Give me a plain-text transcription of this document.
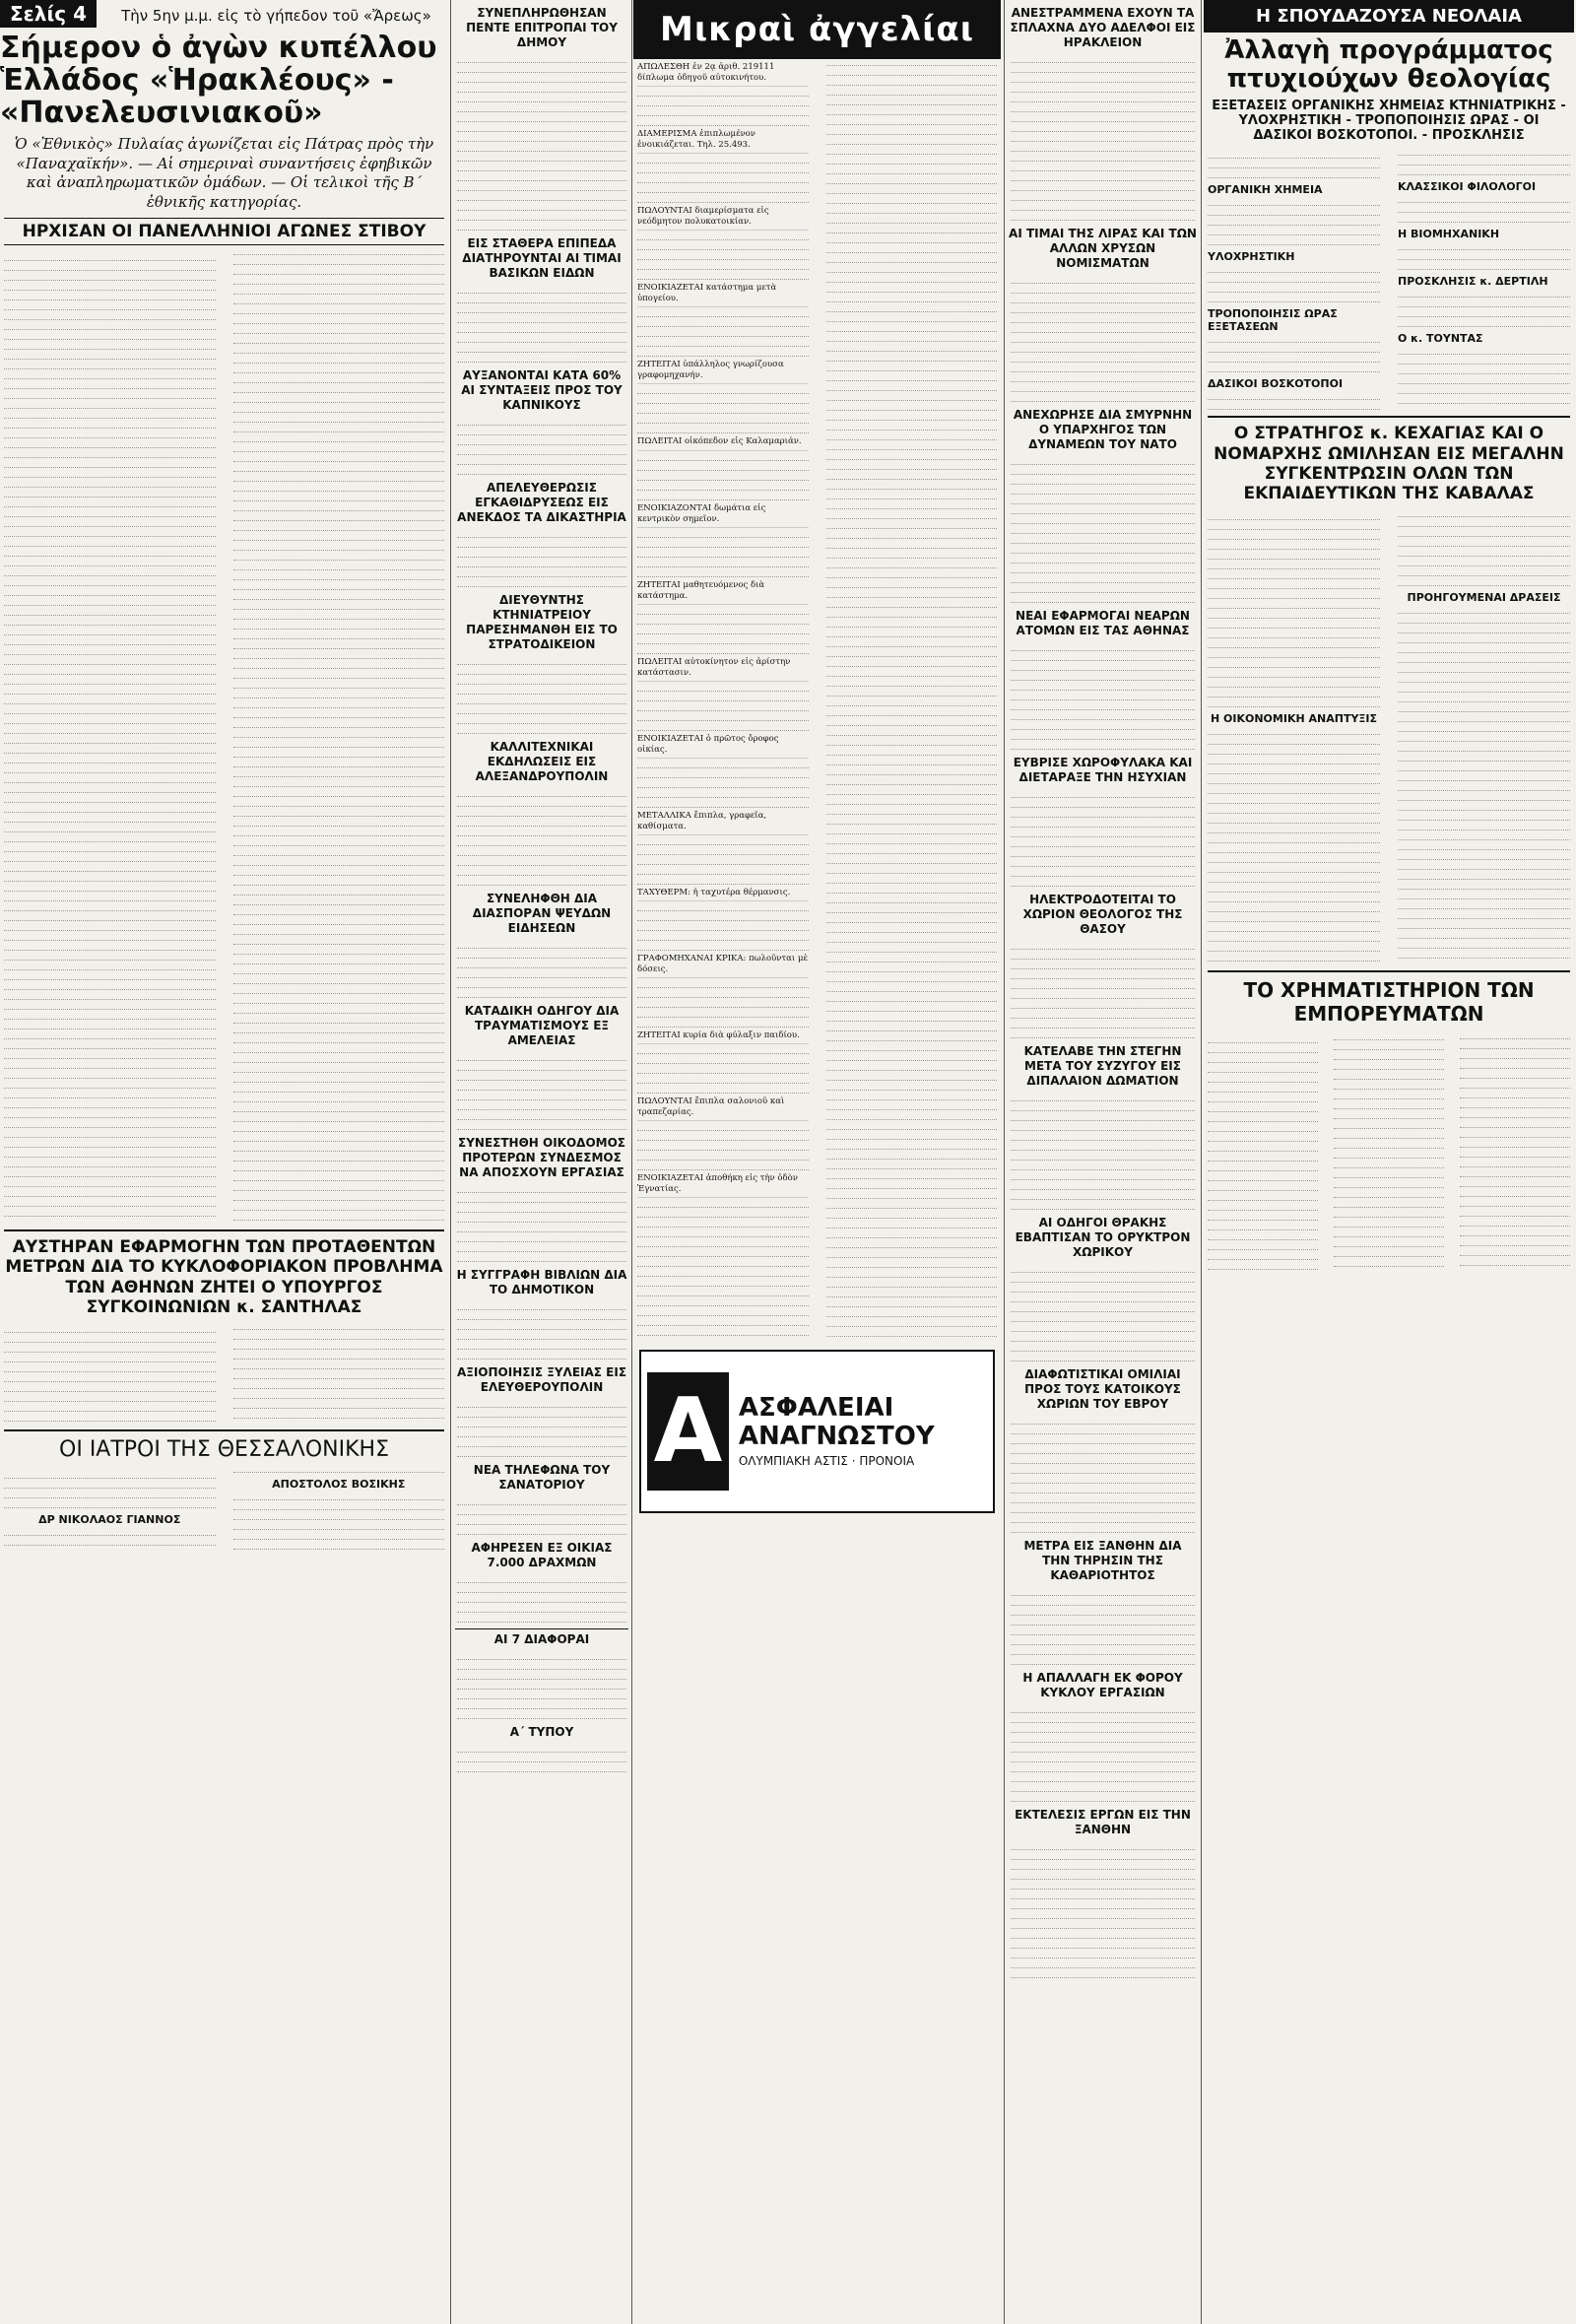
Σελίς 4 Τὴν 5ην μ.μ. εἰς τὸ γήπεδον τοῦ «Ἄρεως»
Σήμερον ὁ ἀγὼν κυπέλλου Ἑλλάδος «Ἡρακλέους» - «Πανελευσινιακοῦ»
Ὁ «Ἐθνικὸς» Πυλαίας ἀγωνίζεται εἰς Πάτρας πρὸς τὴν «Παναχαϊκήν». — Αἱ σημεριναὶ συναντήσεις ἐφηβικῶν καὶ ἀναπληρωματικῶν ὁμάδων. — Οἱ τελικοὶ τῆς Β΄ ἐθνικῆς κατηγορίας.
ΗΡΧΙΣΑΝ ΟΙ ΠΑΝΕΛΛΗΝΙΟΙ ΑΓΩΝΕΣ ΣΤΙΒΟΥ
ΑΥΣΤΗΡΑΝ ΕΦΑΡΜΟΓΗΝ ΤΩΝ ΠΡΟΤΑΘΕΝΤΩΝ ΜΕΤΡΩΝ ΔΙΑ ΤΟ ΚΥΚΛΟΦΟΡΙΑΚΟΝ ΠΡΟΒΛΗΜΑ ΤΩΝ ΑΘΗΝΩΝ ΖΗΤΕΙ Ο ΥΠΟΥΡΓΟΣ ΣΥΓΚΟΙΝΩΝΙΩΝ κ. ΣΑΝΤΗΛΑΣ
ΟΙ ΙΑΤΡΟΙ ΤΗΣ ΘΕΣΣΑΛΟΝΙΚΗΣ
ΔΡ ΝΙΚΟΛΑΟΣ ΓΙΑΝΝΟΣ
ΑΠΟΣΤΟΛΟΣ ΒΟΣΙΚΗΣ
ΣΥΝΕΠΛΗΡΩΘΗΣΑΝ ΠΕΝΤΕ ΕΠΙΤΡΟΠΑΙ ΤΟΥ ΔΗΜΟΥ
ΕΙΣ ΣΤΑΘΕΡΑ ΕΠΙΠΕΔΑ ΔΙΑΤΗΡΟΥΝΤΑΙ ΑΙ ΤΙΜΑΙ ΒΑΣΙΚΩΝ ΕΙΔΩΝ
ΑΥΞΑΝΟΝΤΑΙ ΚΑΤΑ 60% ΑΙ ΣΥΝΤΑΞΕΙΣ ΠΡΟΣ ΤΟΥ ΚΑΠΝΙΚΟΥΣ
ΑΠΕΛΕΥΘΕΡΩΣΙΣ ΕΓΚΑΘΙΔΡΥΣΕΩΣ ΕΙΣ ΑΝΕΚΔΟΣ ΤΑ ΔΙΚΑΣΤΗΡΙΑ
ΔΙΕΥΘΥΝΤΗΣ ΚΤΗΝΙΑΤΡΕΙΟΥ ΠΑΡΕΣΗΜΑΝΘΗ ΕΙΣ ΤΟ ΣΤΡΑΤΟΔΙΚΕΙΟΝ
ΚΑΛΛΙΤΕΧΝΙΚΑΙ ΕΚΔΗΛΩΣΕΙΣ ΕΙΣ ΑΛΕΞΑΝΔΡΟΥΠΟΛΙΝ
ΣΥΝΕΛΗΦΘΗ ΔΙΑ ΔΙΑΣΠΟΡΑΝ ΨΕΥΔΩΝ ΕΙΔΗΣΕΩΝ
ΚΑΤΑΔΙΚΗ ΟΔΗΓΟΥ ΔΙΑ ΤΡΑΥΜΑΤΙΣΜΟΥΣ ΕΞ ΑΜΕΛΕΙΑΣ
ΣΥΝΕΣΤΗΘΗ ΟΙΚΟΔΟΜΟΣ ΠΡΟΤΕΡΩΝ ΣΥΝΔΕΣΜΟΣ ΝΑ ΑΠΟΣΧΟΥΝ ΕΡΓΑΣΙΑΣ
Η ΣΥΓΓΡΑΦΗ ΒΙΒΛΙΩΝ ΔΙΑ ΤΟ ΔΗΜΟΤΙΚΟΝ
ΑΞΙΟΠΟΙΗΣΙΣ ΞΥΛΕΙΑΣ ΕΙΣ ΕΛΕΥΘΕΡΟΥΠΟΛΙΝ
ΝΕΑ ΤΗΛΕΦΩΝΑ ΤΟΥ ΣΑΝΑΤΟΡΙΟΥ
ΑΦΗΡΕΣΕΝ ΕΞ ΟΙΚΙΑΣ 7.000 ΔΡΑΧΜΩΝ
ΑΙ 7 ΔΙΑΦΟΡΑΙ
Α΄ ΤΥΠΟΥ
Μικραὶ ἀγγελίαι
ΑΠΩΛΕΣΘΗ ἐν 2ᾳ ἀριθ. 219111 δίπλωμα ὁδηγοῦ αὐτοκινήτου.
ΔΙΑΜΕΡΙΣΜΑ ἐπιπλωμένον ἐνοικιάζεται. Τηλ. 25.493.
ΠΩΛΟΥΝΤΑΙ διαμερίσματα εἰς νεόδμητον πολυκατοικίαν.
ΕΝΟΙΚΙΑΖΕΤΑΙ κατάστημα μετὰ ὑπογείου.
ΖΗΤΕΙΤΑΙ ὑπάλληλος γνωρίζουσα γραφομηχανήν.
ΠΩΛΕΙΤΑΙ οἰκόπεδον εἰς Καλαμαριάν.
ΕΝΟΙΚΙΑΖΟΝΤΑΙ δωμάτια εἰς κεντρικὸν σημεῖον.
ΖΗΤΕΙΤΑΙ μαθητευόμενος διὰ κατάστημα.
ΠΩΛΕΙΤΑΙ αὐτοκίνητον εἰς ἀρίστην κατάστασιν.
ΕΝΟΙΚΙΑΖΕΤΑΙ ὁ πρῶτος ὄροφος οἰκίας.
ΜΕΤΑΛΛΙΚΑ ἔπιπλα, γραφεῖα, καθίσματα.
ΤΑΧΥΘΕΡΜ: ἡ ταχυτέρα θέρμανσις.
ΓΡΑΦΟΜΗΧΑΝΑΙ ΚΡΙΚΑ: πωλοῦνται μὲ δόσεις.
ΖΗΤΕΙΤΑΙ κυρία διὰ φύλαξιν παιδίου.
ΠΩΛΟΥΝΤΑΙ ἔπιπλα σαλονιοῦ καὶ τραπεζαρίας.
ΕΝΟΙΚΙΑΖΕΤΑΙ ἀποθήκη εἰς τὴν ὁδὸν Ἐγνατίας.
Α ΑΣΦΑΛΕΙΑΙ ΑΝΑΓΝΩΣΤΟΥ
ΟΛΥΜΠΙΑΚΗ ΑΣΤΙΣ · ΠΡΟΝΟΙΑ
ΑΝΕΣΤΡΑΜΜΕΝΑ ΕΧΟΥΝ ΤΑ ΣΠΛΑΧΝΑ ΔΥΟ ΑΔΕΛΦΟΙ ΕΙΣ ΗΡΑΚΛΕΙΟΝ
ΑΙ ΤΙΜΑΙ ΤΗΣ ΛΙΡΑΣ ΚΑΙ ΤΩΝ ΑΛΛΩΝ ΧΡΥΣΩΝ ΝΟΜΙΣΜΑΤΩΝ
ΑΝΕΧΩΡΗΣΕ ΔΙΑ ΣΜΥΡΝΗΝ Ο ΥΠΑΡΧΗΓΟΣ ΤΩΝ ΔΥΝΑΜΕΩΝ ΤΟΥ ΝΑΤΟ
ΝΕΑΙ ΕΦΑΡΜΟΓΑΙ ΝΕΑΡΩΝ ΑΤΟΜΩΝ ΕΙΣ ΤΑΣ ΑΘΗΝΑΣ
ΕΥΒΡΙΣΕ ΧΩΡΟΦΥΛΑΚΑ ΚΑΙ ΔΙΕΤΑΡΑΞΕ ΤΗΝ ΗΣΥΧΙΑΝ
ΗΛΕΚΤΡΟΔΟΤΕΙΤΑΙ ΤΟ ΧΩΡΙΟΝ ΘΕΟΛΟΓΟΣ ΤΗΣ ΘΑΣΟΥ
ΚΑΤΕΛΑΒΕ ΤΗΝ ΣΤΕΓΗΝ ΜΕΤΑ ΤΟΥ ΣΥΖΥΓΟΥ ΕΙΣ ΔΙΠΑΛΑΙΟΝ ΔΩΜΑΤΙΟΝ
ΑΙ ΟΔΗΓΟΙ ΘΡΑΚΗΣ ΕΒΑΠΤΙΣΑΝ ΤΟ ΟΡΥΚΤΡΟΝ ΧΩΡΙΚΟΥ
ΔΙΑΦΩΤΙΣΤΙΚΑΙ ΟΜΙΛΙΑΙ ΠΡΟΣ ΤΟΥΣ ΚΑΤΟΙΚΟΥΣ ΧΩΡΙΩΝ ΤΟΥ ΕΒΡΟΥ
ΜΕΤΡΑ ΕΙΣ ΞΑΝΘΗΝ ΔΙΑ ΤΗΝ ΤΗΡΗΣΙΝ ΤΗΣ ΚΑΘΑΡΙΟΤΗΤΟΣ
Η ΑΠΑΛΛΑΓΗ ΕΚ ΦΟΡΟΥ ΚΥΚΛΟΥ ΕΡΓΑΣΙΩΝ
ΕΚΤΕΛΕΣΙΣ ΕΡΓΩΝ ΕΙΣ ΤΗΝ ΞΑΝΘΗΝ
Η ΣΠΟΥΔΑΖΟΥΣΑ ΝΕΟΛΑΙΑ
Ἀλλαγὴ προγράμματος πτυχιούχων θεολογίας
ΕΞΕΤΑΣΕΙΣ ΟΡΓΑΝΙΚΗΣ ΧΗΜΕΙΑΣ ΚΤΗΝΙΑΤΡΙΚΗΣ - ΥΛΟΧΡΗΣΤΙΚΗ - ΤΡΟΠΟΠΟΙΗΣΙΣ ΩΡΑΣ - ΟΙ ΔΑΣΙΚΟΙ ΒΟΣΚΟΤΟΠΟΙ. - ΠΡΟΣΚΛΗΣΙΣ
ΟΡΓΑΝΙΚΗ ΧΗΜΕΙΑ
ΥΛΟΧΡΗΣΤΙΚΗ
ΤΡΟΠΟΠΟΙΗΣΙΣ ΩΡΑΣ ΕΞΕΤΑΣΕΩΝ
ΔΑΣΙΚΟΙ ΒΟΣΚΟΤΟΠΟΙ
ΚΛΑΣΣΙΚΟΙ ΦΙΛΟΛΟΓΟΙ
Η ΒΙΟΜΗΧΑΝΙΚΗ
ΠΡΟΣΚΛΗΣΙΣ κ. ΔΕΡΤΙΛΗ
Ο κ. ΤΟΥΝΤΑΣ
Ο ΣΤΡΑΤΗΓΟΣ κ. ΚΕΧΑΓΙΑΣ ΚΑΙ Ο ΝΟΜΑΡΧΗΣ ΩΜΙΛΗΣΑΝ ΕΙΣ ΜΕΓΑΛΗΝ ΣΥΓΚΕΝΤΡΩΣΙΝ ΟΛΩΝ ΤΩΝ ΕΚΠΑΙΔΕΥΤΙΚΩΝ ΤΗΣ ΚΑΒΑΛΑΣ
Η ΟΙΚΟΝΟΜΙΚΗ ΑΝΑΠΤΥΞΙΣ
ΠΡΟΗΓΟΥΜΕΝΑΙ ΔΡΑΣΕΙΣ
ΤΟ ΧΡΗΜΑΤΙΣΤΗΡΙΟΝ ΤΩΝ ΕΜΠΟΡΕΥΜΑΤΩΝ
